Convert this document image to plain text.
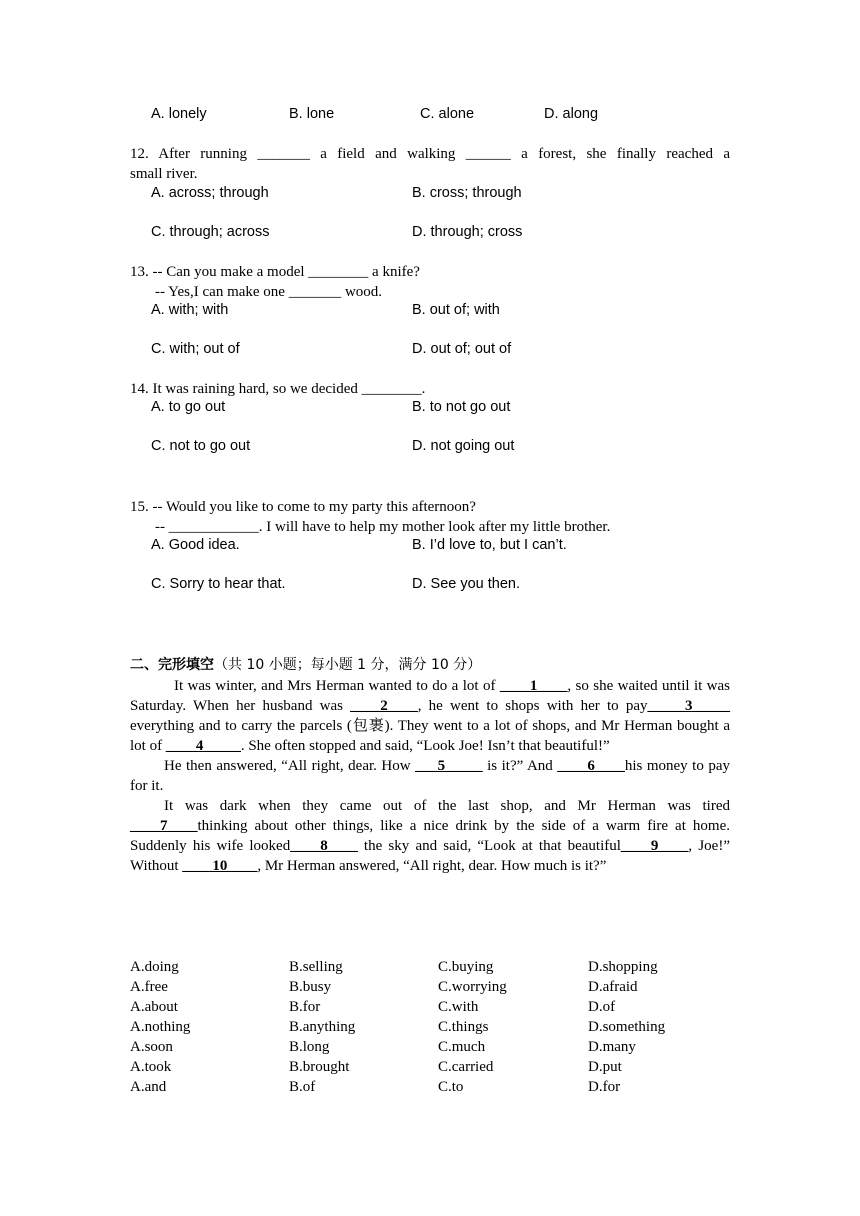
A. lonely	B. lone	C. alone	D. along
12. After running _______ a field and walking ______ a forest, she finally reached a
small river.
A. across; through	B. cross; through
C. through; across	D. through; cross
13. -- Can you make a model ________ a knife?
-- Yes,I can make one _______ wood.
A. with; with	B. out of; with
C. with; out of	D. out of; out of
14. It was raining hard, so we decided ________.
A. to go out	B. to not go out
C. not to go out	D. not going out
15. -- Would you like to come to my party this afternoon?
-- ____________. I will have to help my mother look after my little brother.
A. Good idea.	B. I’d love to, but I can’t.
C. Sorry to hear that.	D. See you then.
二、完形填空（共 10 小题；每小题 1 分，满分 10 分）

It was winter, and Mrs Herman wanted to do a lot of ____1____, so she waited until it was Saturday. When her husband was ____2____, he went to shops with her to pay_____3_____ everything and to carry the parcels (包裹). They went to a lot of shops, and Mr Herman bought a lot of ____4_____. She often stopped and said, “Look Joe! Isn’t that beautiful!”

He then answered, “All right, dear. How ___5_____ is it?” And ____6____his money to pay for it.

It was dark when they came out of the last shop, and Mr Herman was tired ____7____thinking about other things, like a nice drink by the side of a warm fire at home. Suddenly his wife looked____8____ the sky and said, “Look at that beautiful____9____, Joe!” Without ____10____, Mr Herman answered, “All right, dear. How much is it?”

A.doing	B.selling	C.buying	D.shopping
A.free	B.busy	C.worrying	D.afraid
A.about	B.for	C.with	D.of
A.nothing	B.anything	C.things	D.something
A.soon	B.long	C.much	D.many
A.took	B.brought	C.carried	D.put
A.and	B.of	C.to	D.for
